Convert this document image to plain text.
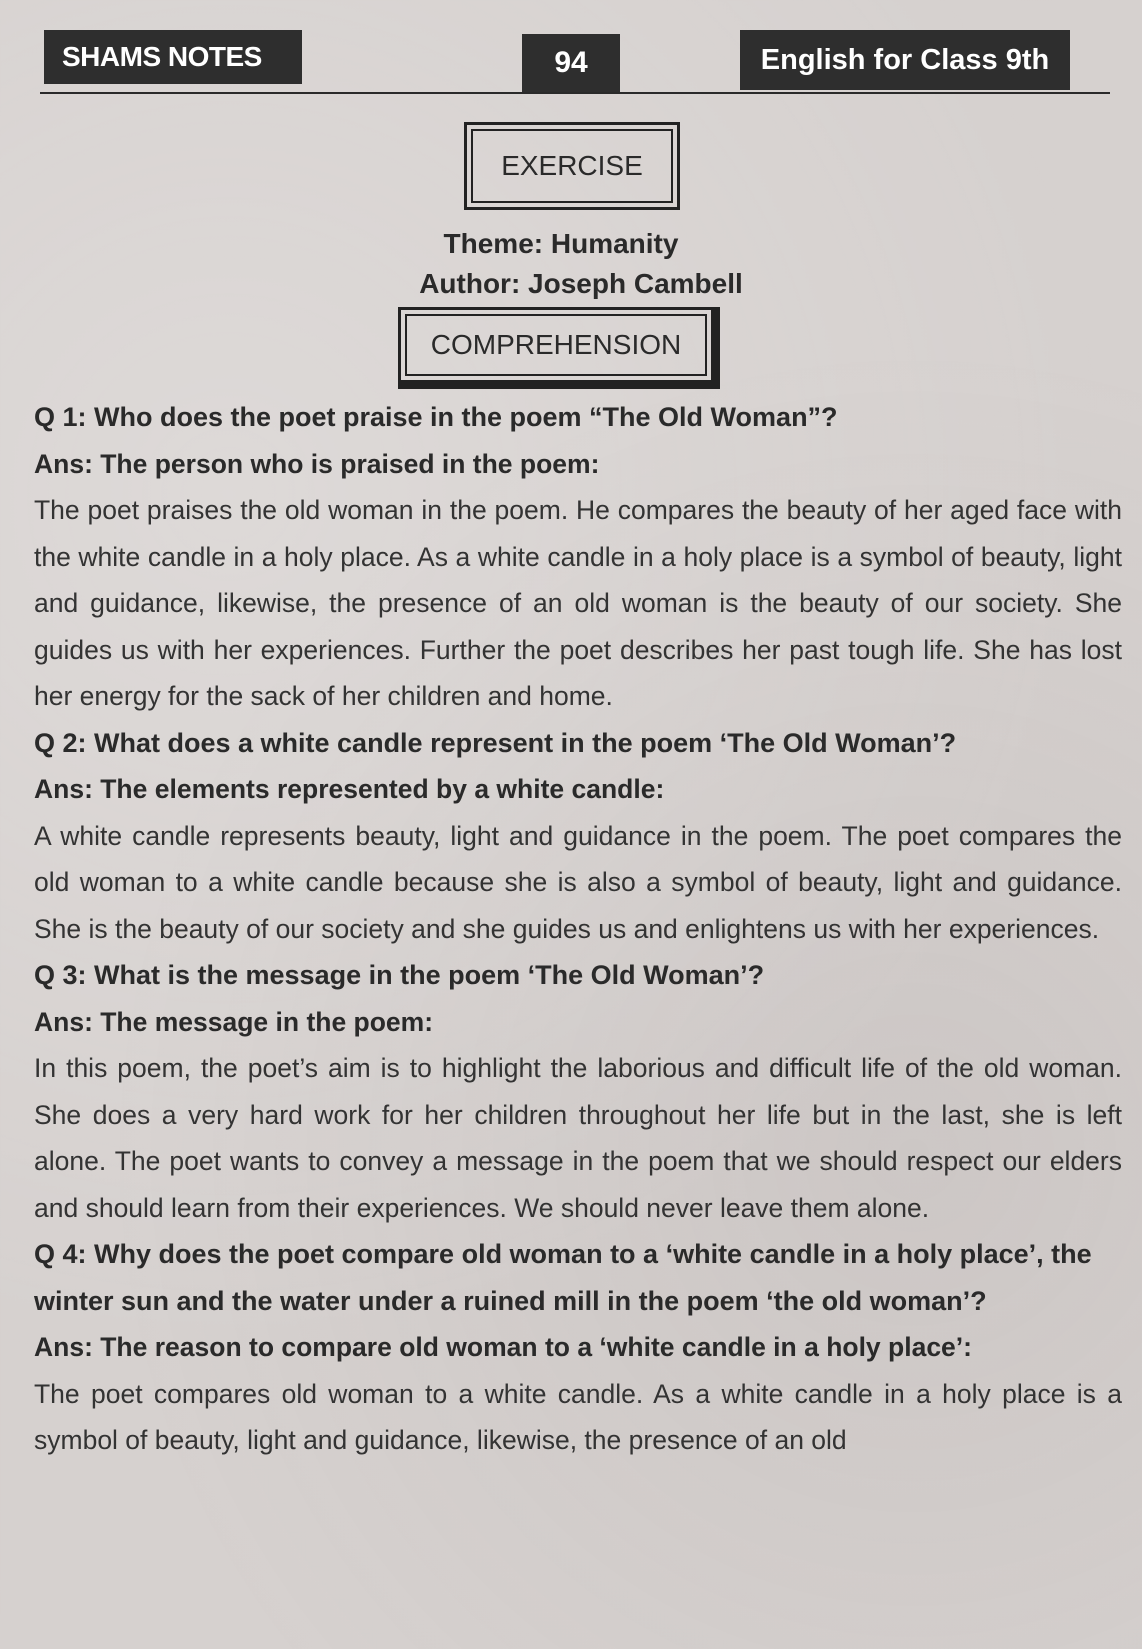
SHAMS NOTES	94	English for Class 9th
EXERCISE
Theme: Humanity
Author: Joseph Cambell
COMPREHENSION
Q 1: Who does the poet praise in the poem “The Old Woman”?
Ans: The person who is praised in the poem:
The poet praises the old woman in the poem. He compares the beauty of her aged face with the white candle in a holy place. As a white candle in a holy place is a symbol of beauty, light and guidance, likewise, the presence of an old woman is the beauty of our society. She guides us with her experiences. Further the poet describes her past tough life. She has lost her energy for the sack of her children and home.
Q 2: What does a white candle represent in the poem ‘The Old Woman’?
Ans: The elements represented by a white candle:
A white candle represents beauty, light and guidance in the poem. The poet compares the old woman to a white candle because she is also a symbol of beauty, light and guidance. She is the beauty of our society and she guides us and enlightens us with her experiences.
Q 3: What is the message in the poem ‘The Old Woman’?
Ans: The message in the poem:
In this poem, the poet’s aim is to highlight the laborious and difficult life of the old woman. She does a very hard work for her children throughout her life but in the last, she is left alone. The poet wants to convey a message in the poem that we should respect our elders and should learn from their experiences. We should never leave them alone.
Q 4: Why does the poet compare old woman to a ‘white candle in a holy place’, the winter sun and the water under a ruined mill in the poem ‘the old woman’?
Ans: The reason to compare old woman to a ‘white candle in a holy place’:
The poet compares old woman to a white candle. As a white candle in a holy place is a symbol of beauty, light and guidance, likewise, the presence of an old
